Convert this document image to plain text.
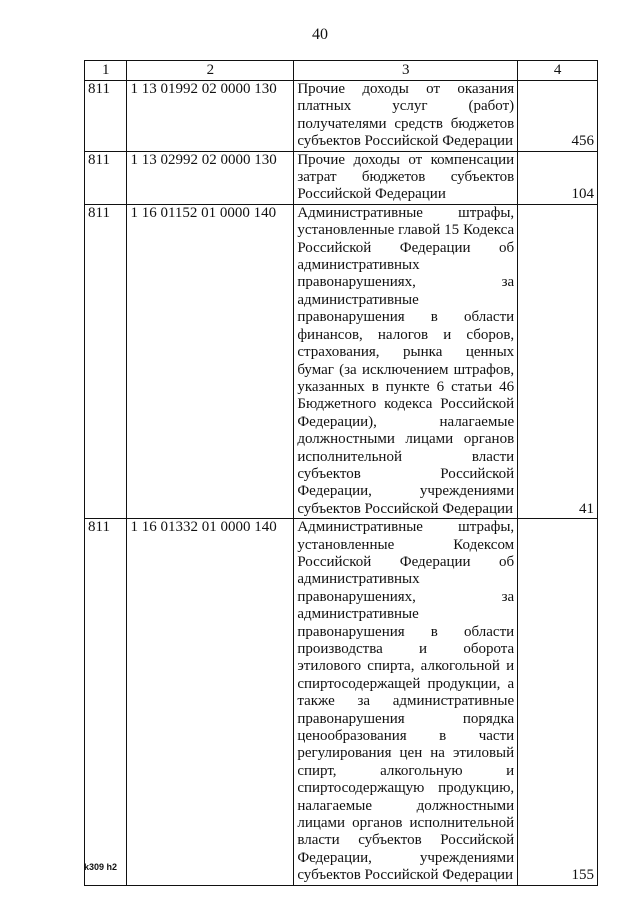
40
1	2	3	4
811	1 13 01992 02 0000 130	Прочие доходы от оказания платных услуг (работ) получателями средств бюджетов субъектов Российской Федерации	456
811	1 13 02992 02 0000 130	Прочие доходы от компенсации затрат бюджетов субъектов Российской Федерации	104
811	1 16 01152 01 0000 140	Административные штрафы, установленные главой 15 Кодекса Российской Федерации об административных правонарушениях, за административные правонарушения в области финансов, налогов и сборов, страхования, рынка ценных бумаг (за исключением штрафов, указанных в пункте 6 статьи 46 Бюджетного кодекса Российской Федерации), налагаемые должностными лицами органов исполнительной власти субъектов Российской Федерации, учреждениями субъектов Российской Федерации	41
811	1 16 01332 01 0000 140	Административные штрафы, установленные Кодексом Российской Федерации об административных правонарушениях, за административные правонарушения в области производства и оборота этилового спирта, алкогольной и спиртосодержащей продукции, а также за административные правонарушения порядка ценообразования в части регулирования цен на этиловый спирт, алкогольную и спиртосодержащую продукцию, налагаемые должностными лицами органов исполнительной власти субъектов Российской Федерации, учреждениями субъектов Российской Федерации	155
k309 h2
